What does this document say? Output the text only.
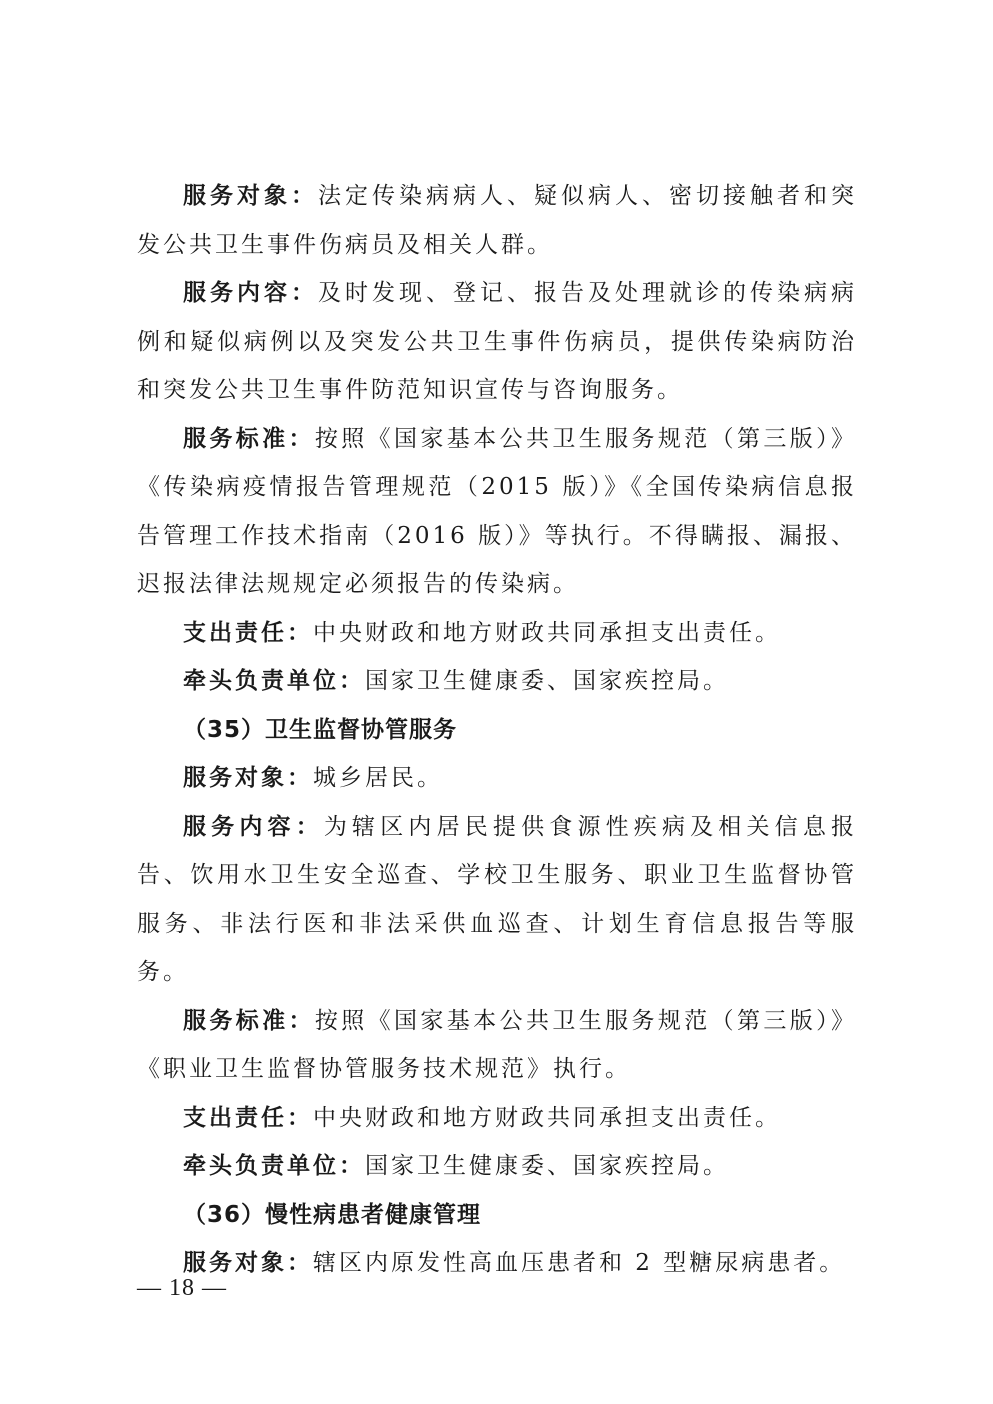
服务对象：法定传染病病人、疑似病人、密切接触者和突发公共卫生事件伤病员及相关人群。

服务内容：及时发现、登记、报告及处理就诊的传染病病例和疑似病例以及突发公共卫生事件伤病员，提供传染病防治和突发公共卫生事件防范知识宣传与咨询服务。

服务标准：按照《国家基本公共卫生服务规范（第三版）》《传染病疫情报告管理规范（2015 版）》《全国传染病信息报告管理工作技术指南（2016 版）》等执行。不得瞒报、漏报、迟报法律法规规定必须报告的传染病。

支出责任：中央财政和地方财政共同承担支出责任。

牵头负责单位：国家卫生健康委、国家疾控局。

（35）卫生监督协管服务

服务对象：城乡居民。

服务内容：为辖区内居民提供食源性疾病及相关信息报告、饮用水卫生安全巡查、学校卫生服务、职业卫生监督协管服务、非法行医和非法采供血巡查、计划生育信息报告等服务。

服务标准：按照《国家基本公共卫生服务规范（第三版）》《职业卫生监督协管服务技术规范》执行。

支出责任：中央财政和地方财政共同承担支出责任。

牵头负责单位：国家卫生健康委、国家疾控局。

（36）慢性病患者健康管理

服务对象：辖区内原发性高血压患者和 2 型糖尿病患者。

— 18 —
